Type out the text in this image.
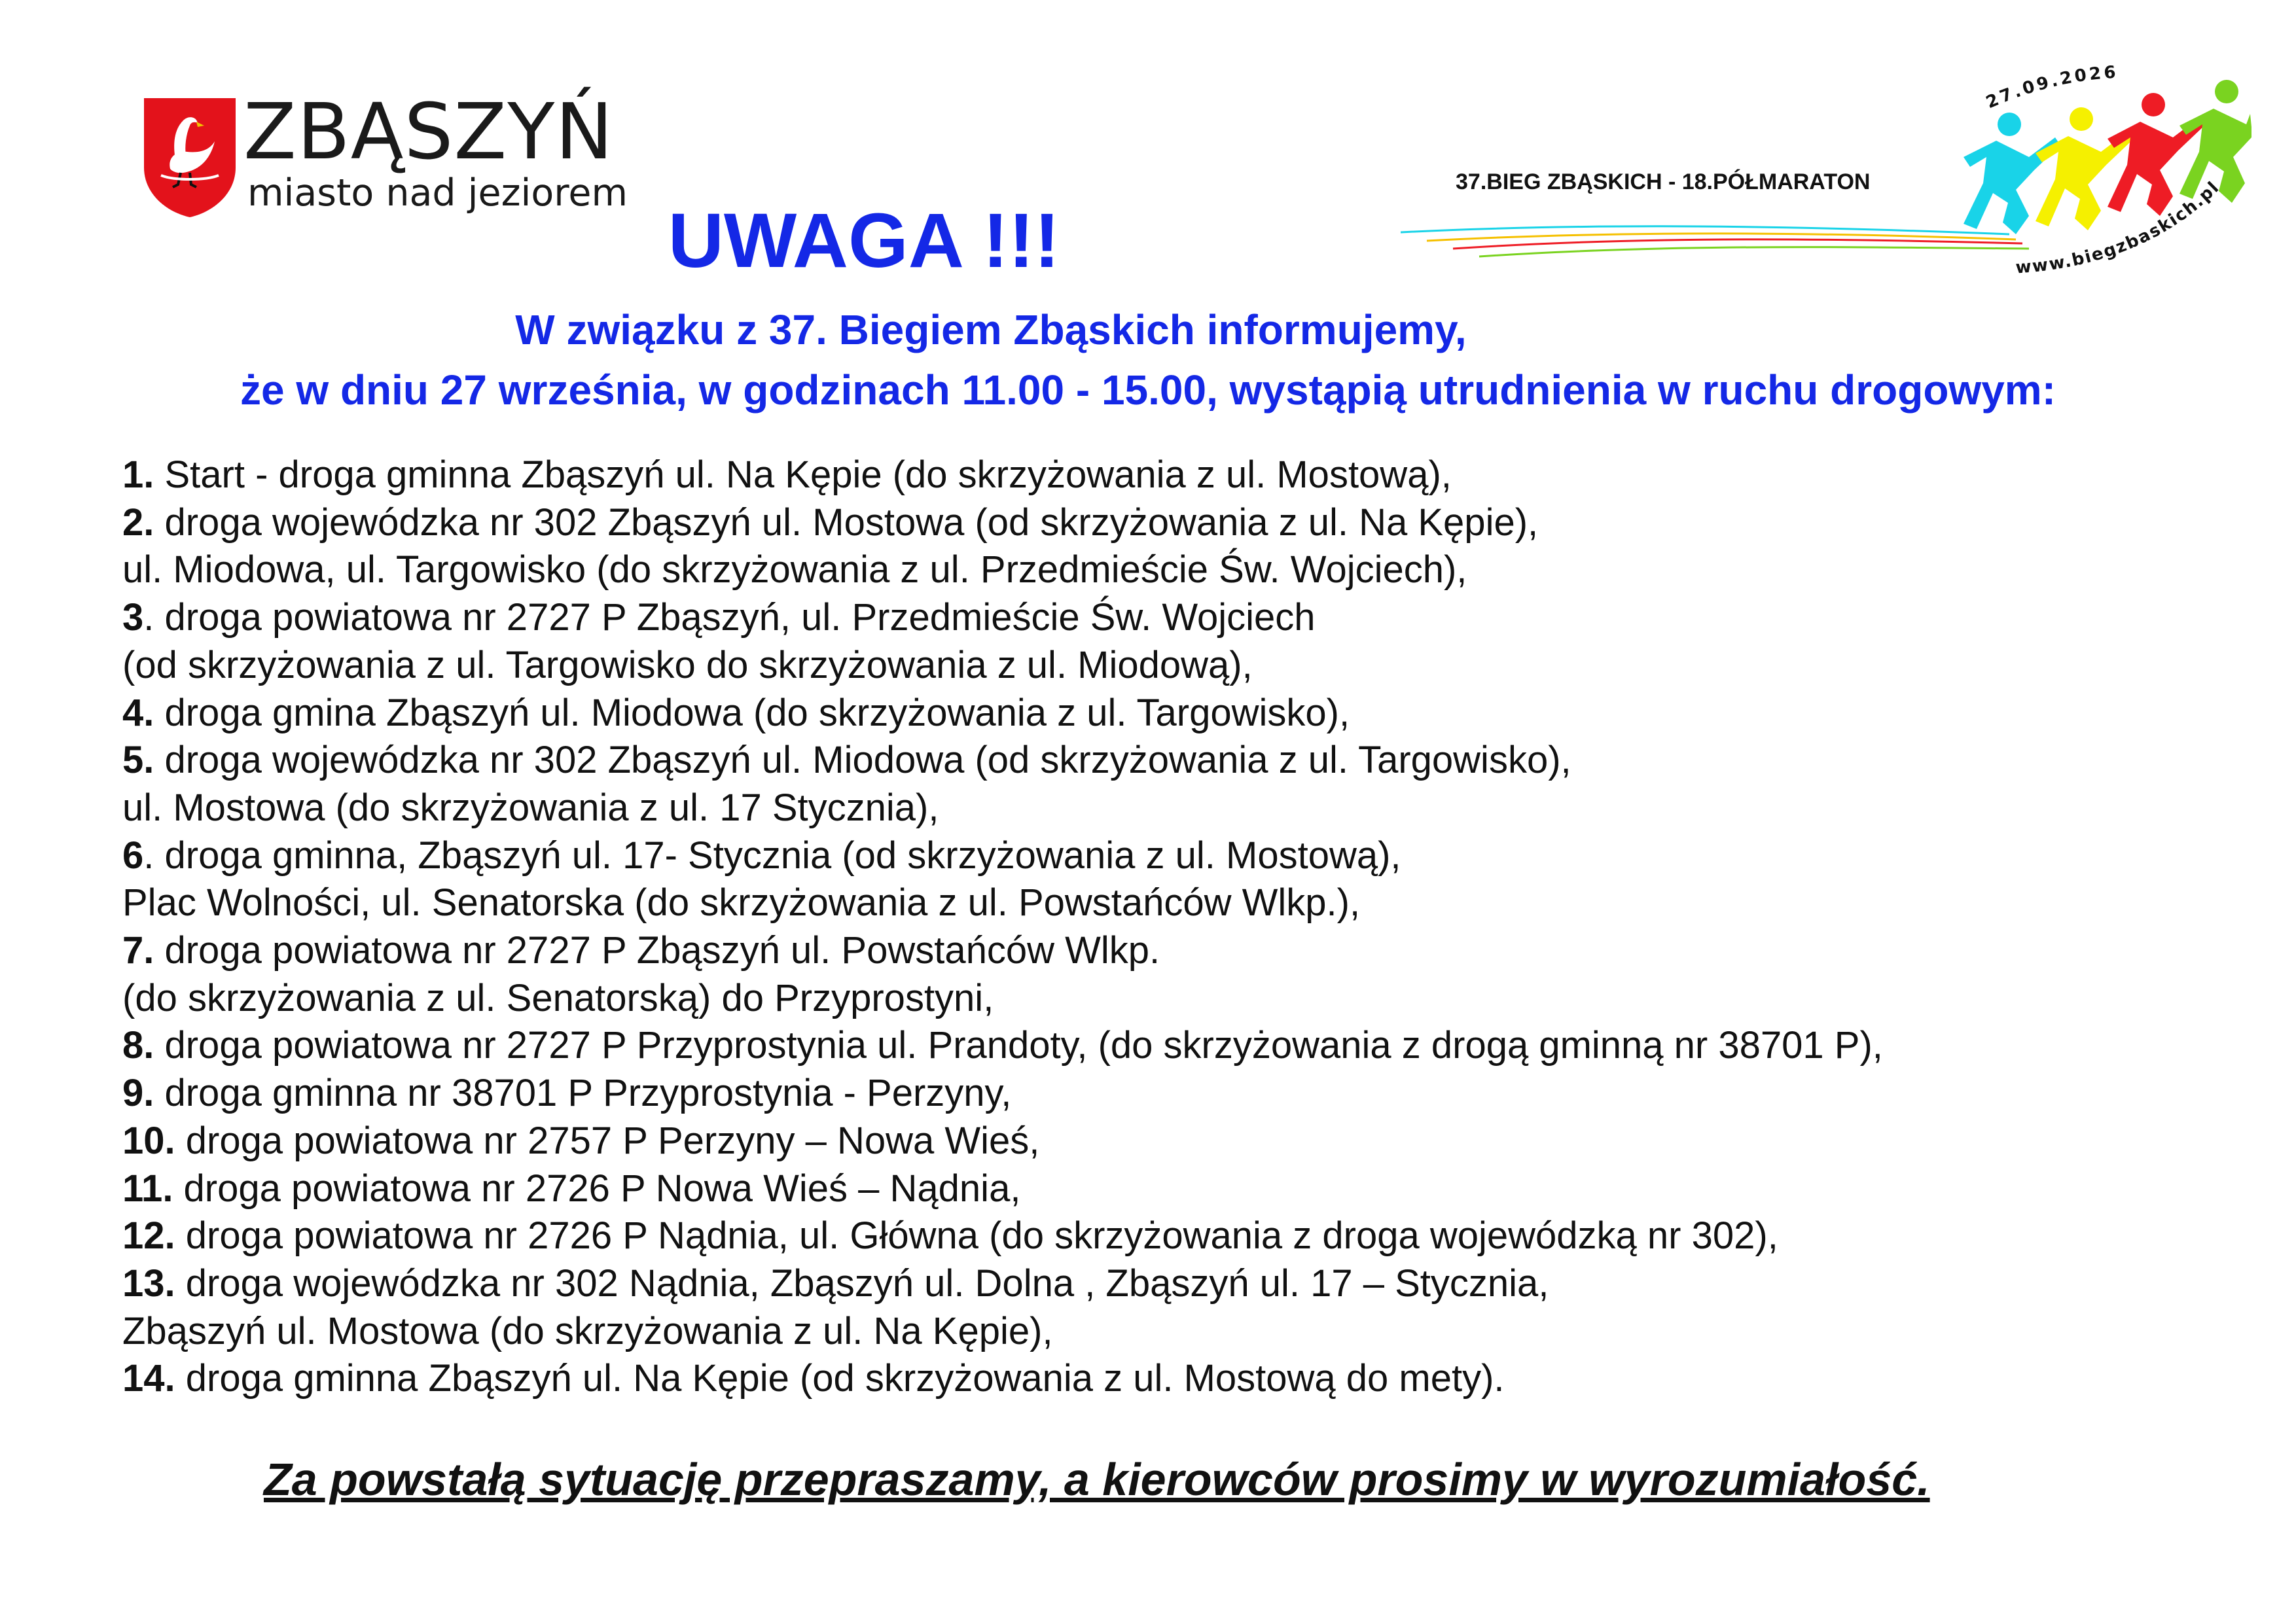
ZBĄSZYŃ
miasto nad jeziorem
27.09.2026
www.biegzbaskich.pl
37.BIEG ZBĄSKICH - 18.PÓŁMARATON
UWAGA !!!
W związku z 37. Biegiem Zbąskich informujemy,
że w dniu 27 września, w godzinach 11.00 - 15.00, wystąpią utrudnienia w ruchu drogowym:
1. Start - droga gminna Zbąszyń ul. Na Kępie (do skrzyżowania z ul. Mostową),
2. droga wojewódzka nr 302 Zbąszyń ul. Mostowa (od skrzyżowania z ul. Na Kępie),
ul. Miodowa, ul. Targowisko (do skrzyżowania z ul. Przedmieście Św. Wojciech),
3. droga powiatowa nr 2727 P Zbąszyń, ul. Przedmieście Św. Wojciech
(od skrzyżowania z ul. Targowisko do skrzyżowania z ul. Miodową),
4. droga gmina Zbąszyń ul. Miodowa (do skrzyżowania z ul. Targowisko),
5. droga wojewódzka nr 302 Zbąszyń ul. Miodowa (od skrzyżowania z ul. Targowisko),
ul. Mostowa (do skrzyżowania z ul. 17 Stycznia),
6. droga gminna, Zbąszyń ul. 17- Stycznia (od skrzyżowania z ul. Mostową),
Plac Wolności, ul. Senatorska (do skrzyżowania z ul. Powstańców Wlkp.),
7. droga powiatowa nr 2727 P Zbąszyń ul. Powstańców Wlkp.
(do skrzyżowania z ul. Senatorską) do Przyprostyni,
8. droga powiatowa nr 2727 P Przyprostynia ul. Prandoty, (do skrzyżowania z drogą gminną nr 38701 P),
9. droga gminna nr 38701 P Przyprostynia - Perzyny,
10. droga powiatowa nr 2757 P Perzyny – Nowa Wieś,
11. droga powiatowa nr 2726 P Nowa Wieś – Nądnia,
12. droga powiatowa nr 2726 P Nądnia, ul. Główna (do skrzyżowania z droga wojewódzką nr 302),
13. droga wojewódzka nr 302 Nądnia, Zbąszyń ul. Dolna , Zbąszyń ul. 17 – Stycznia,
Zbąszyń ul. Mostowa (do skrzyżowania z ul. Na Kępie),
14. droga gminna Zbąszyń ul. Na Kępie (od skrzyżowania z ul. Mostową do mety).
Za powstałą sytuację przepraszamy, a kierowców prosimy w wyrozumiałość.
